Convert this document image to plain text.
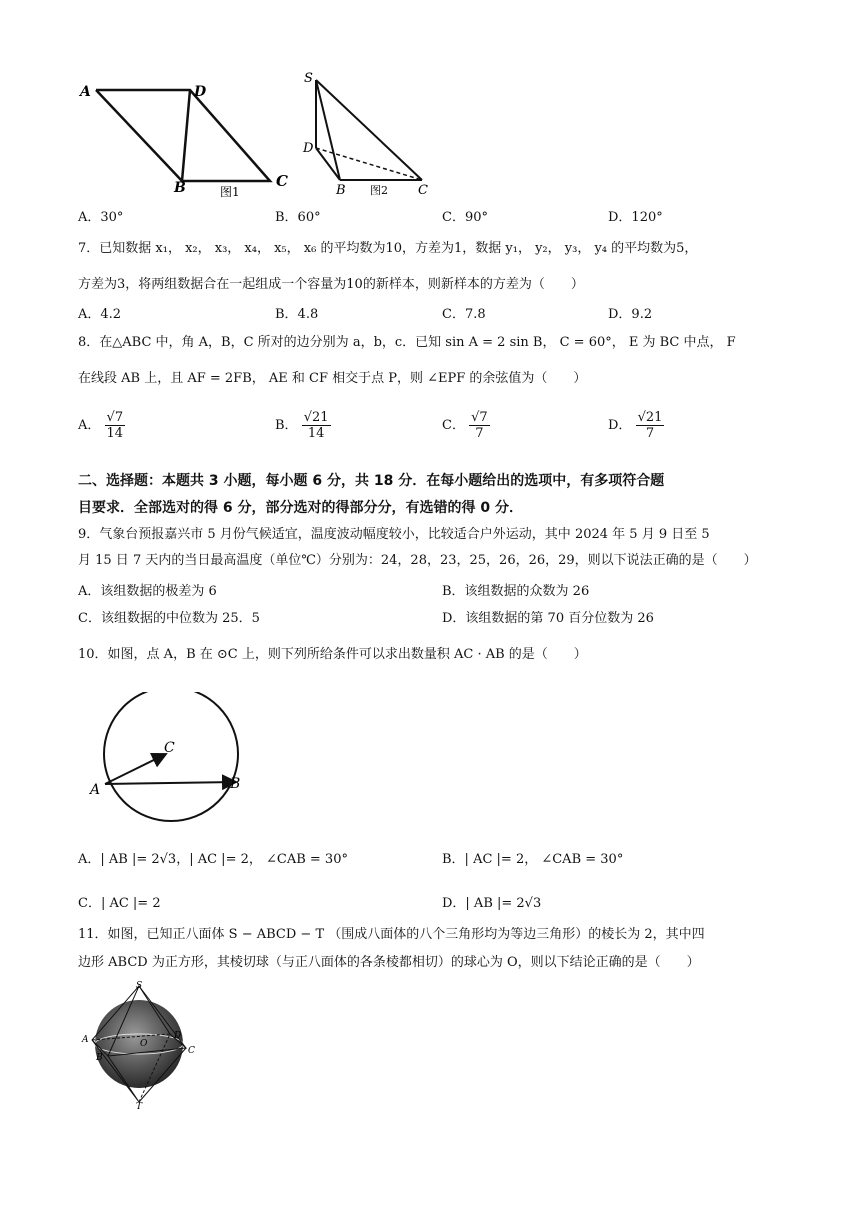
A	D
B	C
图1
S
D
B	C
图2
A．30°	B．60°	C．90°	D．120°
7．已知数据 x₁， x₂， x₃， x₄， x₅， x₆ 的平均数为10，方差为1，数据 y₁， y₂， y₃， y₄ 的平均数为5，
方差为3，将两组数据合在一起组成一个容量为10的新样本，则新样本的方差为（　　）
A．4.2	B．4.8	C．7.8	D．9.2
8．在△ABC 中，角 A，B，C 所对的边分别为 a，b，c．已知 sin A = 2 sin B， C = 60°， E 为 BC 中点， F
在线段 AB 上，且 AF = 2FB， AE 和 CF 相交于点 P，则 ∠EPF 的余弦值为（　　）
A． $\frac{√7}{14}$	B． $\frac{√21}{14}$	C． $\frac{√7}{7}$	D． $\frac{√21}{7}$
二、选择题：本题共 3 小题，每小题 6 分，共 18 分．在每小题给出的选项中，有多项符合题
目要求．全部选对的得 6 分，部分选对的得部分分，有选错的得 0 分．
9．气象台预报嘉兴市 5 月份气候适宜，温度波动幅度较小，比较适合户外运动，其中 2024 年 5 月 9 日至 5
月 15 日 7 天内的当日最高温度（单位℃）分别为：24，28，23，25，26，26，29，则以下说法正确的是（　　）
A．该组数据的极差为 6	B．该组数据的众数为 26
C．该组数据的中位数为 25．5	D．该组数据的第 70 百分位数为 26
10．如图，点 A，B 在 ⊙C 上，则下列所给条件可以求出数量积 AC · AB 的是（　　）
A	B
C
A．| AB |= 2√3，| AC |= 2， ∠CAB = 30°	B．| AC |= 2， ∠CAB = 30°
C．| AC |= 2	D．| AB |= 2√3
11．如图，已知正八面体 S − ABCD − T （围成八面体的八个三角形均为等边三角形）的棱长为 2，其中四
边形 ABCD 为正方形，其棱切球（与正八面体的各条棱都相切）的球心为 O，则以下结论正确的是（　　）
S
A
B
D
C
O
T
